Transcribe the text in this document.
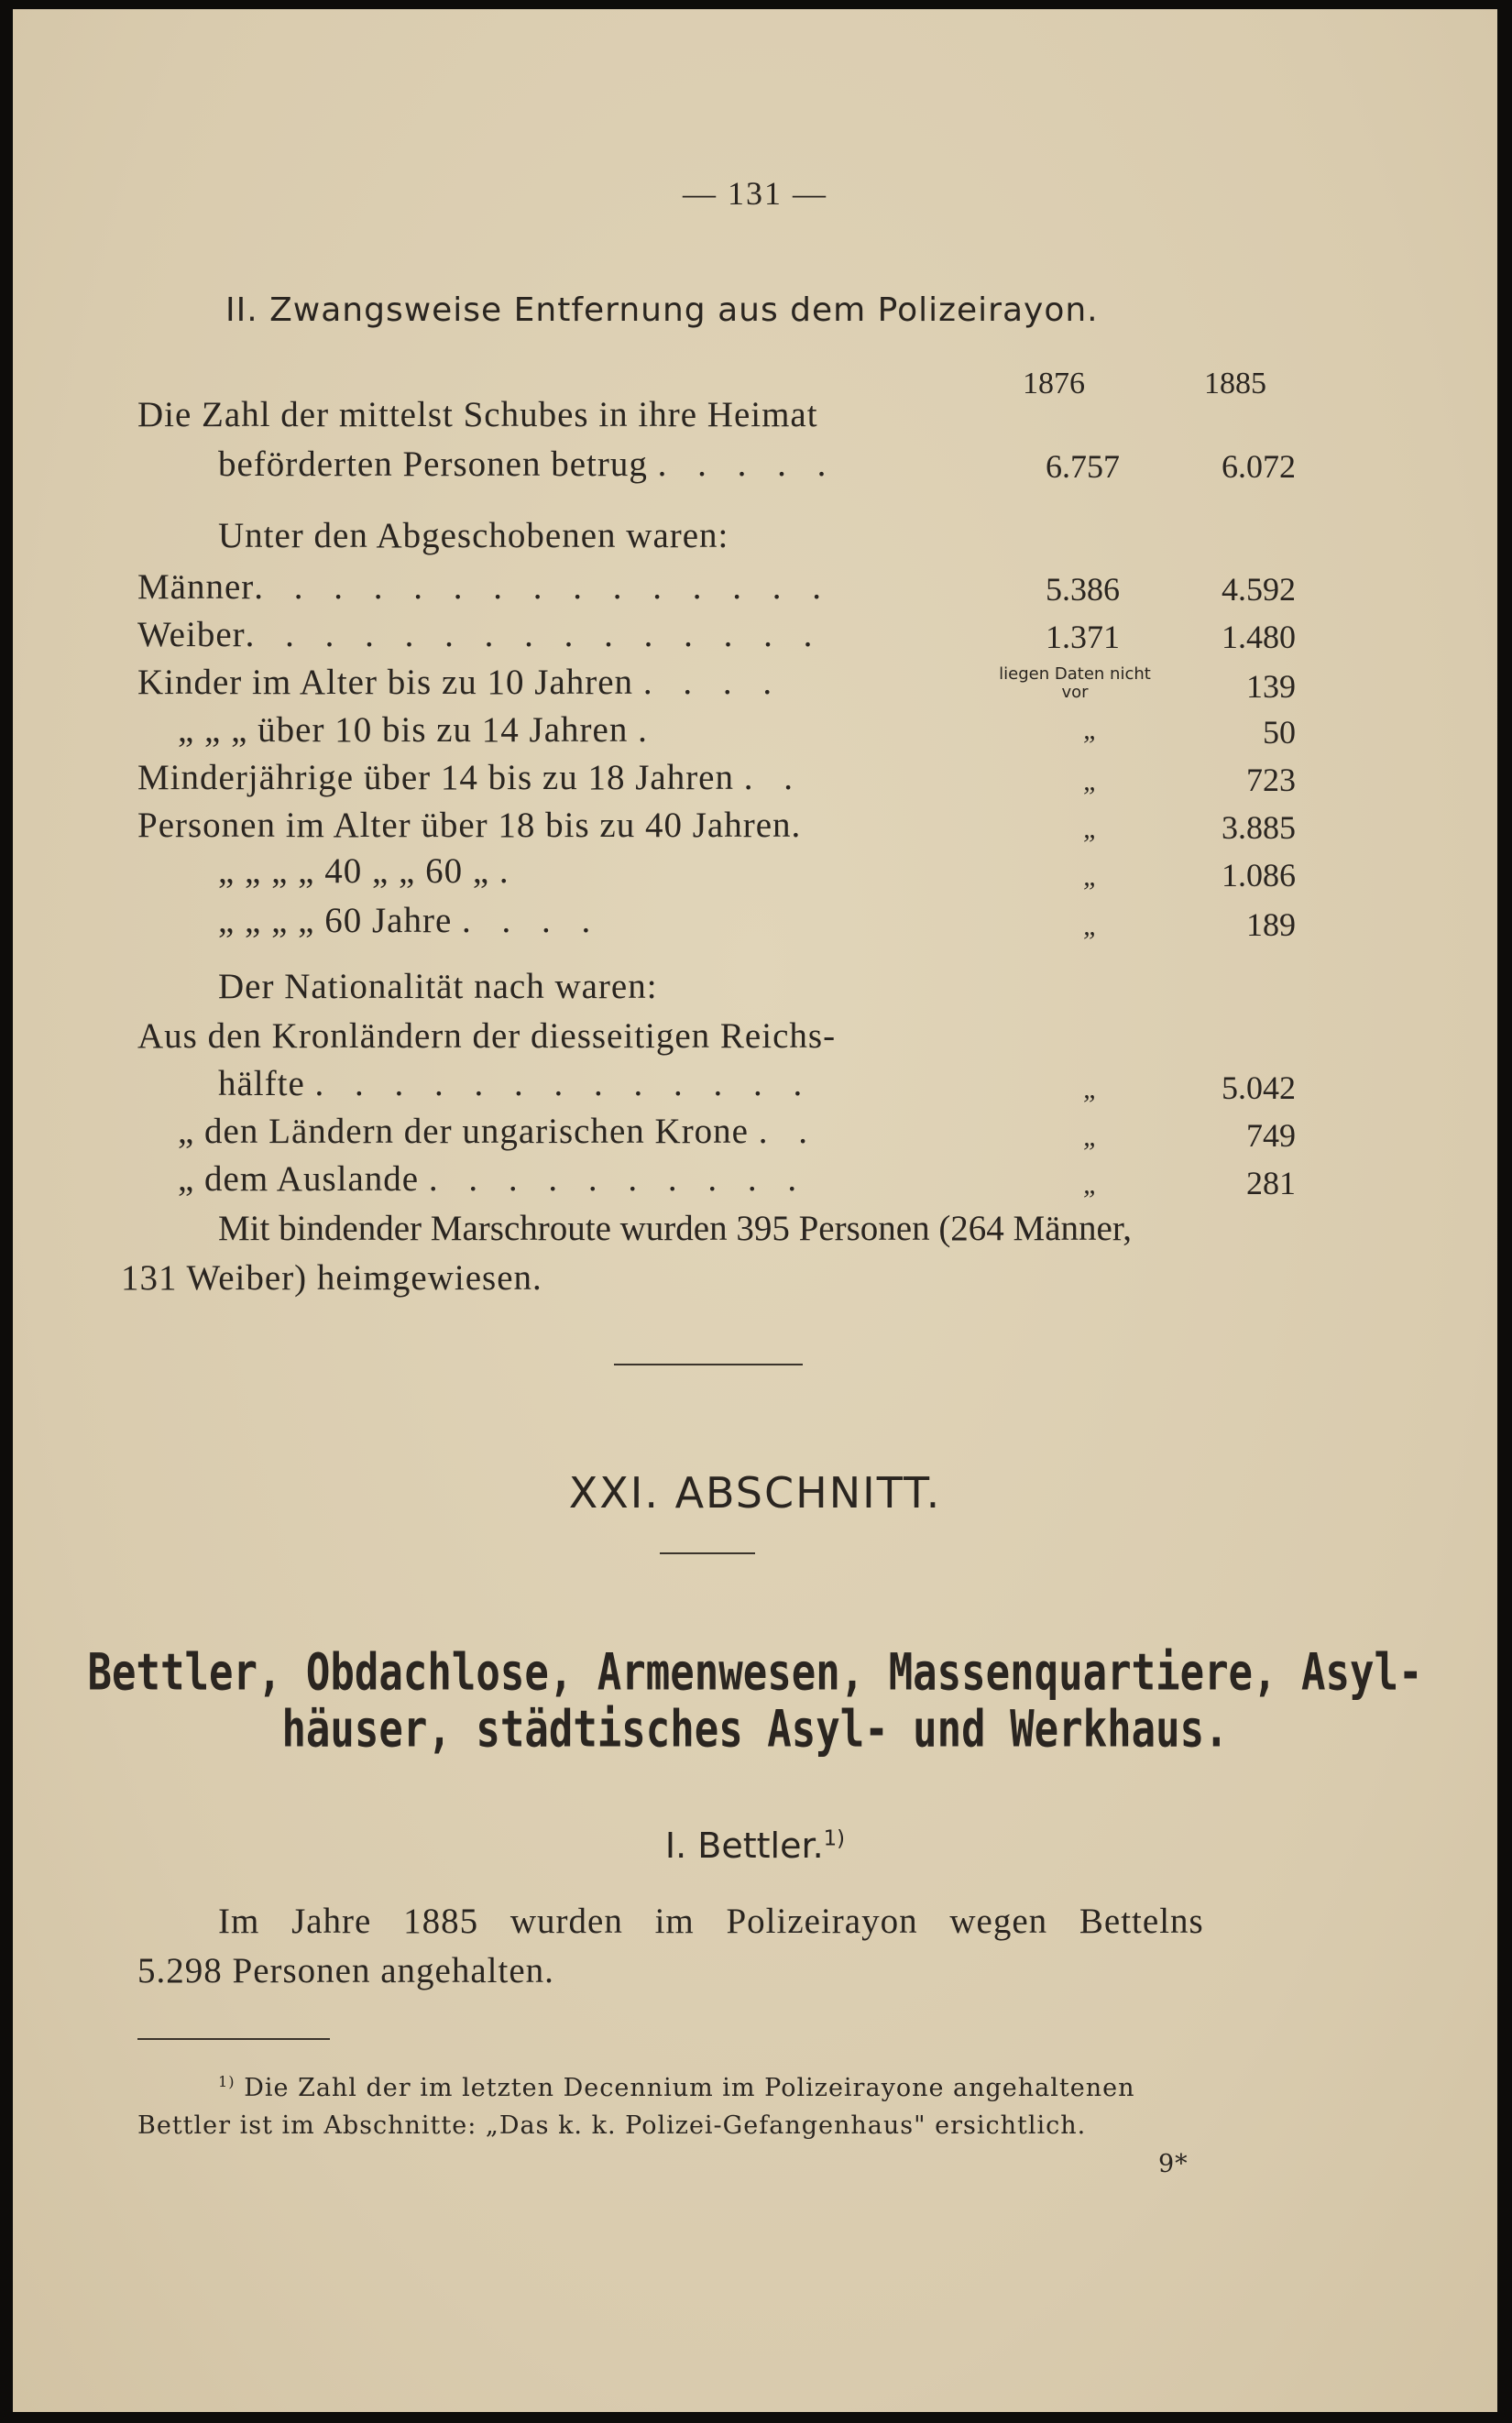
— 131 —
II. Zwangsweise Entfernung aus dem Polizeirayon.
1876	1885
Die Zahl der mittelst Schubes in ihre Heimat
beförderten Personen betrug . . . . .	6.757	6.072
Unter den Abgeschobenen waren:
Männer. . . . . . . . . . . . . . .	5.386	4.592
Weiber. . . . . . . . . . . . . . .	1.371	1.480
Kinder im Alter bis zu 10 Jahren . . . .	liegen Daten nicht vor	139
„ „ „ über 10 bis zu 14 Jahren .	„	50
Minderjährige über 14 bis zu 18 Jahren . .	„	723
Personen im Alter über 18 bis zu 40 Jahren.	„	3.885
„ „ „ „ 40 „ „ 60 „ .	„	1.086
„ „ „ „ 60 Jahre . . . .	„	189
Der Nationalität nach waren:
Aus den Kronländern der diesseitigen Reichs-
hälfte . . . . . . . . . . . . .	„	5.042
„ den Ländern der ungarischen Krone . .	„	749
„ dem Auslande . . . . . . . . . .	„	281
Mit bindender Marschroute wurden 395 Personen (264 Männer,
131 Weiber) heimgewiesen.
XXI. ABSCHNITT.
Bettler, Obdachlose, Armenwesen, Massenquartiere, Asyl-
häuser, städtisches Asyl- und Werkhaus.
I. Bettler.$^{1)}$
Im Jahre 1885 wurden im Polizeirayon wegen Bettelns
5.298 Personen angehalten.
$^{1)}$ Die Zahl der im letzten Decennium im Polizeirayone angehaltenen
Bettler ist im Abschnitte: „Das k. k. Polizei-Gefangenhaus" ersichtlich.
9*
